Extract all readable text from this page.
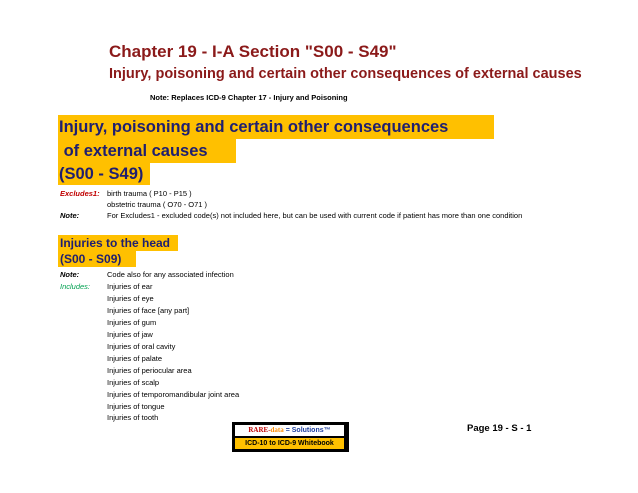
Chapter 19 - I-A Section "S00 - S49"
Injury, poisoning and certain other consequences of external causes
Note: Replaces ICD-9 Chapter 17 - Injury and Poisoning
Injury, poisoning and certain other consequences
of external causes
(S00 - S49)
Excludes1: birth trauma ( P10 - P15 )
obstetric trauma ( O70 - O71 )
Note:	For Excludes1 - excluded code(s) not included here, but can be used with current code if patient has more than one condition
Injuries to the head
(S00 - S09)
Note:	Code also for any associated infection
Includes: Injuries of ear
Injuries of eye
Injuries of face [any part]
Injuries of gum
Injuries of jaw
Injuries of oral cavity
Injuries of palate
Injuries of periocular area
Injuries of scalp
Injuries of temporomandibular joint area
Injuries of tongue
Injuries of tooth
RARE-data = Solutions™
ICD-10 to ICD-9 Whitebook
Page 19 - S - 1
